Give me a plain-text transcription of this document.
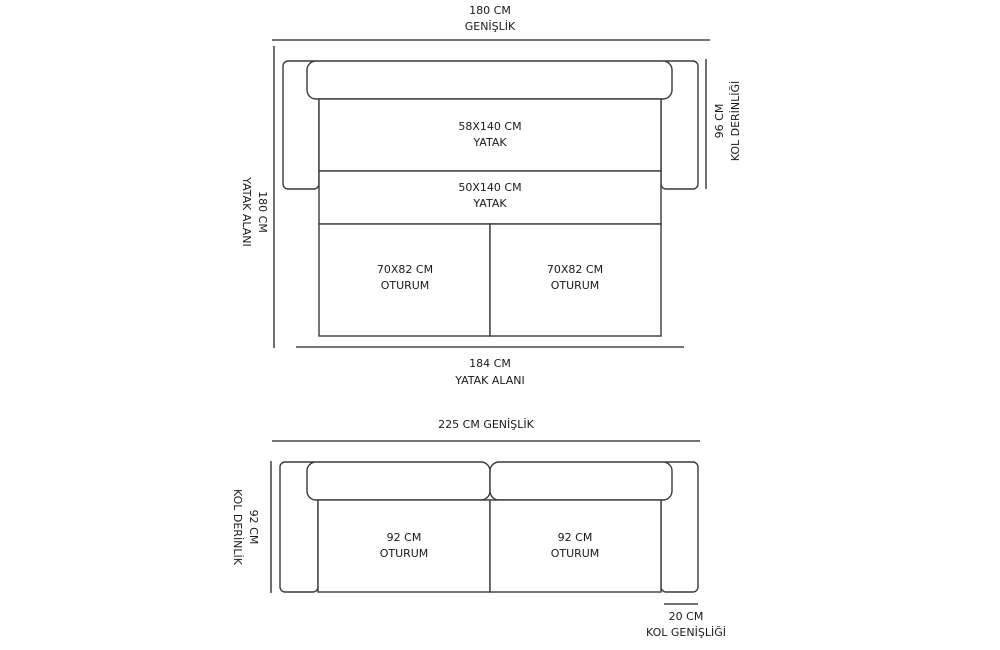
180 CM
GENİŞLİK
180 CM
YATAK ALANI
96 CM KOL DERİNLİĞİ
58X140 CM
YATAK
50X140 CM
YATAK
70X82 CM
OTURUM
70X82 CM
OTURUM
184 CM
YATAK ALANI
225 CM GENİŞLİK
92 CM
KOL DERİNLİK	92 CM
OTURUM
92 CM
OTURUM
20 CM
KOL GENİŞLİĞİ
